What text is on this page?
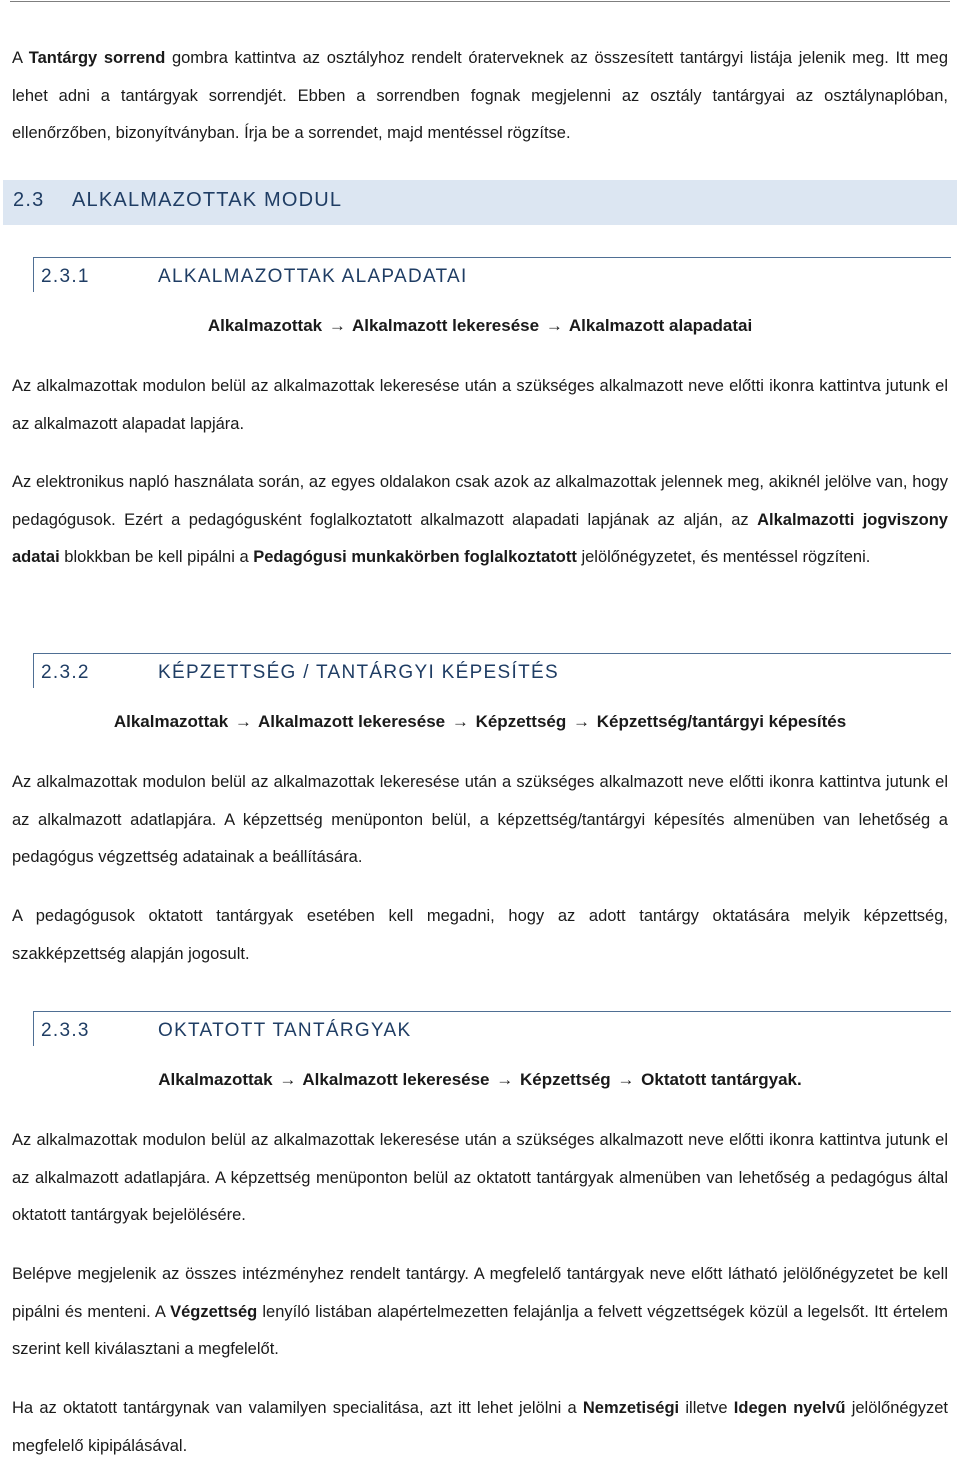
A Tantárgy sorrend gombra kattintva az osztályhoz rendelt óraterveknek az összesített tantárgyi listája jelenik meg. Itt meg lehet adni a tantárgyak sorrendjét. Ebben a sorrendben fognak megjelenni az osztály tantárgyai az osztálynaplóban, ellenőrzőben, bizonyítványban. Írja be a sorrendet, majd mentéssel rögzítse.

2.3 ALKALMAZOTTAK MODUL
2.3.1	ALKALMAZOTTAK ALAPADATAI

Alkalmazottak → Alkalmazott lekeresése → Alkalmazott alapadatai

Az alkalmazottak modulon belül az alkalmazottak lekeresése után a szükséges alkalmazott neve előtti ikonra kattintva jutunk el az alkalmazott alapadat lapjára.

Az elektronikus napló használata során, az egyes oldalakon csak azok az alkalmazottak jelennek meg, akiknél jelölve van, hogy pedagógusok. Ezért a pedagógusként foglalkoztatott alkalmazott alapadati lapjának az alján, az Alkalmazotti jogviszony adatai blokkban be kell pipálni a Pedagógusi munkakörben foglalkoztatott jelölőnégyzetet, és mentéssel rögzíteni.

2.3.2	KÉPZETTSÉG / TANTÁRGYI KÉPESÍTÉS

Alkalmazottak → Alkalmazott lekeresése → Képzettség → Képzettség/tantárgyi képesítés

Az alkalmazottak modulon belül az alkalmazottak lekeresése után a szükséges alkalmazott neve előtti ikonra kattintva jutunk el az alkalmazott adatlapjára. A képzettség menüponton belül, a képzettség/tantárgyi képesítés almenüben van lehetőség a pedagógus végzettség adatainak a beállítására.

A pedagógusok oktatott tantárgyak esetében kell megadni, hogy az adott tantárgy oktatására melyik képzettség, szakképzettség alapján jogosult.

2.3.3	OKTATOTT TANTÁRGYAK

Alkalmazottak → Alkalmazott lekeresése → Képzettség → Oktatott tantárgyak.

Az alkalmazottak modulon belül az alkalmazottak lekeresése után a szükséges alkalmazott neve előtti ikonra kattintva jutunk el az alkalmazott adatlapjára. A képzettség menüponton belül az oktatott tantárgyak almenüben van lehetőség a pedagógus által oktatott tantárgyak bejelölésére.

Belépve megjelenik az összes intézményhez rendelt tantárgy. A megfelelő tantárgyak neve előtt látható jelölőnégyzetet be kell pipálni és menteni. A Végzettség lenyíló listában alapértelmezetten felajánlja a felvett végzettségek közül a legelsőt. Itt értelem szerint kell kiválasztani a megfelelőt.

Ha az oktatott tantárgynak van valamilyen specialitása, azt itt lehet jelölni a Nemzetiségi illetve Idegen nyelvű jelölőnégyzet megfelelő kipipálásával.
